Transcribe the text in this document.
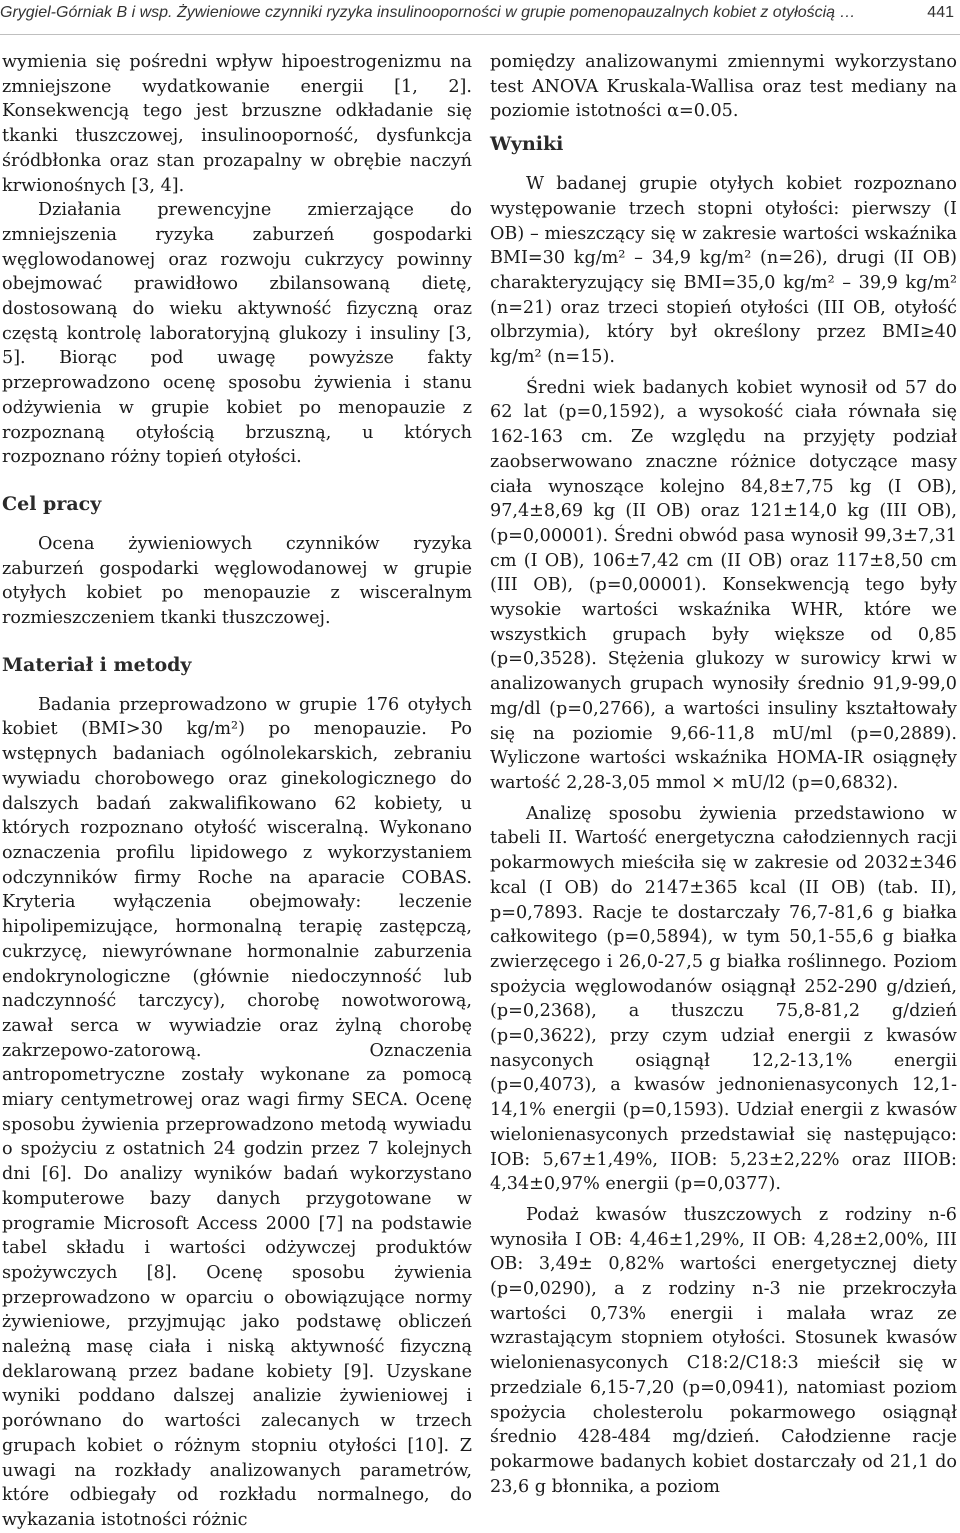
Grygiel-Górniak B i wsp. Żywieniowe czynniki ryzyka insulinooporności w grupie pomenopauzalnych kobiet z otyłością …	441

wymienia się pośredni wpływ hipoestrogenizmu na zmniejszone wydatkowanie energii [1, 2]. Konsekwencją tego jest brzuszne odkładanie się tkanki tłuszczowej, insulinooporność, dysfunkcja śródbłonka oraz stan prozapalny w obrębie naczyń krwionośnych [3, 4].

Działania prewencyjne zmierzające do zmniejszenia ryzyka zaburzeń gospodarki węglowodanowej oraz rozwoju cukrzycy powinny obejmować prawidłowo zbilansowaną dietę, dostosowaną do wieku aktywność fizyczną oraz częstą kontrolę laboratoryjną glukozy i insuliny [3, 5]. Biorąc pod uwagę powyższe fakty przeprowadzono ocenę sposobu żywienia i stanu odżywienia w grupie kobiet po menopauzie z rozpoznaną otyłością brzuszną, u których rozpoznano różny topień otyłości.

Cel pracy

Ocena żywieniowych czynników ryzyka zaburzeń gospodarki węglowodanowej w grupie otyłych kobiet po menopauzie z wisceralnym rozmieszczeniem tkanki tłuszczowej.

Materiał i metody

Badania przeprowadzono w grupie 176 otyłych kobiet (BMI>30 kg/m²) po menopauzie. Po wstępnych badaniach ogólnolekarskich, zebraniu wywiadu chorobowego oraz ginekologicznego do dalszych badań zakwalifikowano 62 kobiety, u których rozpoznano otyłość wisceralną. Wykonano oznaczenia profilu lipidowego z wykorzystaniem odczynników firmy Roche na aparacie COBAS. Kryteria wyłączenia obejmowały: leczenie hipolipemizujące, hormonalną terapię zastępczą, cukrzycę, niewyrównane hormonalnie zaburzenia endokrynologiczne (głównie niedoczynność lub nadczynność tarczycy), chorobę nowotworową, zawał serca w wywiadzie oraz żylną chorobę zakrzepowo-zatorową. Oznaczenia antropometryczne zostały wykonane za pomocą miary centymetrowej oraz wagi firmy SECA. Ocenę sposobu żywienia przeprowadzono metodą wywiadu o spożyciu z ostatnich 24 godzin przez 7 kolejnych dni [6]. Do analizy wyników badań wykorzystano komputerowe bazy danych przygotowane w programie Microsoft Access 2000 [7] na podstawie tabel składu i wartości odżywczej produktów spożywczych [8]. Ocenę sposobu żywienia przeprowadzono w oparciu o obowiązujące normy żywieniowe, przyjmując jako podstawę obliczeń należną masę ciała i niską aktywność fizyczną deklarowaną przez badane kobiety [9]. Uzyskane wyniki poddano dalszej analizie żywieniowej i porównano do wartości zalecanych w trzech grupach kobiet o różnym stopniu otyłości [10]. Z uwagi na rozkłady analizowanych parametrów, które odbiegały od rozkładu normalnego, do wykazania istotności różnic

pomiędzy analizowanymi zmiennymi wykorzystano test ANOVA Kruskala-Wallisa oraz test mediany na poziomie istotności α=0.05.

Wyniki

W badanej grupie otyłych kobiet rozpoznano występowanie trzech stopni otyłości: pierwszy (I OB) – mieszczący się w zakresie wartości wskaźnika BMI=30 kg/m² – 34,9 kg/m² (n=26), drugi (II OB) charakteryzujący się BMI=35,0 kg/m² – 39,9 kg/m² (n=21) oraz trzeci stopień otyłości (III OB, otyłość olbrzymia), który był określony przez BMI≥40 kg/m² (n=15).

Średni wiek badanych kobiet wynosił od 57 do 62 lat (p=0,1592), a wysokość ciała równała się 162-163 cm. Ze względu na przyjęty podział zaobserwowano znaczne różnice dotyczące masy ciała wynoszące kolejno 84,8±7,75 kg (I OB), 97,4±8,69 kg (II OB) oraz 121±14,0 kg (III OB), (p=0,00001). Średni obwód pasa wynosił 99,3±7,31 cm (I OB), 106±7,42 cm (II OB) oraz 117±8,50 cm (III OB), (p=0,00001). Konsekwencją tego były wysokie wartości wskaźnika WHR, które we wszystkich grupach były większe od 0,85 (p=0,3528). Stężenia glukozy w surowicy krwi w analizowanych grupach wynosiły średnio 91,9-99,0 mg/dl (p=0,2766), a wartości insuliny kształtowały się na poziomie 9,66-11,8 mU/ml (p=0,2889). Wyliczone wartości wskaźnika HOMA-IR osiągnęły wartość 2,28-3,05 mmol × mU/l2 (p=0,6832).

Analizę sposobu żywienia przedstawiono w tabeli II. Wartość energetyczna całodziennych racji pokarmowych mieściła się w zakresie od 2032±346 kcal (I OB) do 2147±365 kcal (II OB) (tab. II), p=0,7893. Racje te dostarczały 76,7-81,6 g białka całkowitego (p=0,5894), w tym 50,1-55,6 g białka zwierzęcego i 26,0-27,5 g białka roślinnego. Poziom spożycia węglowodanów osiągnął 252-290 g/dzień, (p=0,2368), a tłuszczu 75,8-81,2 g/dzień (p=0,3622), przy czym udział energii z kwasów nasyconych osiągnął 12,2-13,1% energii (p=0,4073), a kwasów jednonienasyconych 12,1-14,1% energii (p=0,1593). Udział energii z kwasów wielonienasyconych przedstawiał się następująco: IOB: 5,67±1,49%, IIOB: 5,23±2,22% oraz IIIOB: 4,34±0,97% energii (p=0,0377).

Podaż kwasów tłuszczowych z rodziny n-6 wynosiła I OB: 4,46±1,29%, II OB: 4,28±2,00%, III OB: 3,49± 0,82% wartości energetycznej diety (p=0,0290), a z rodziny n-3 nie przekroczyła wartości 0,73% energii i malała wraz ze wzrastającym stopniem otyłości. Stosunek kwasów wielonienasyconych C18:2/C18:3 mieścił się w przedziale 6,15-7,20 (p=0,0941), natomiast poziom spożycia cholesterolu pokarmowego osiągnął średnio 428-484 mg/dzień. Całodzienne racje pokarmowe badanych kobiet dostarczały od 21,1 do 23,6 g błonnika, a poziom
